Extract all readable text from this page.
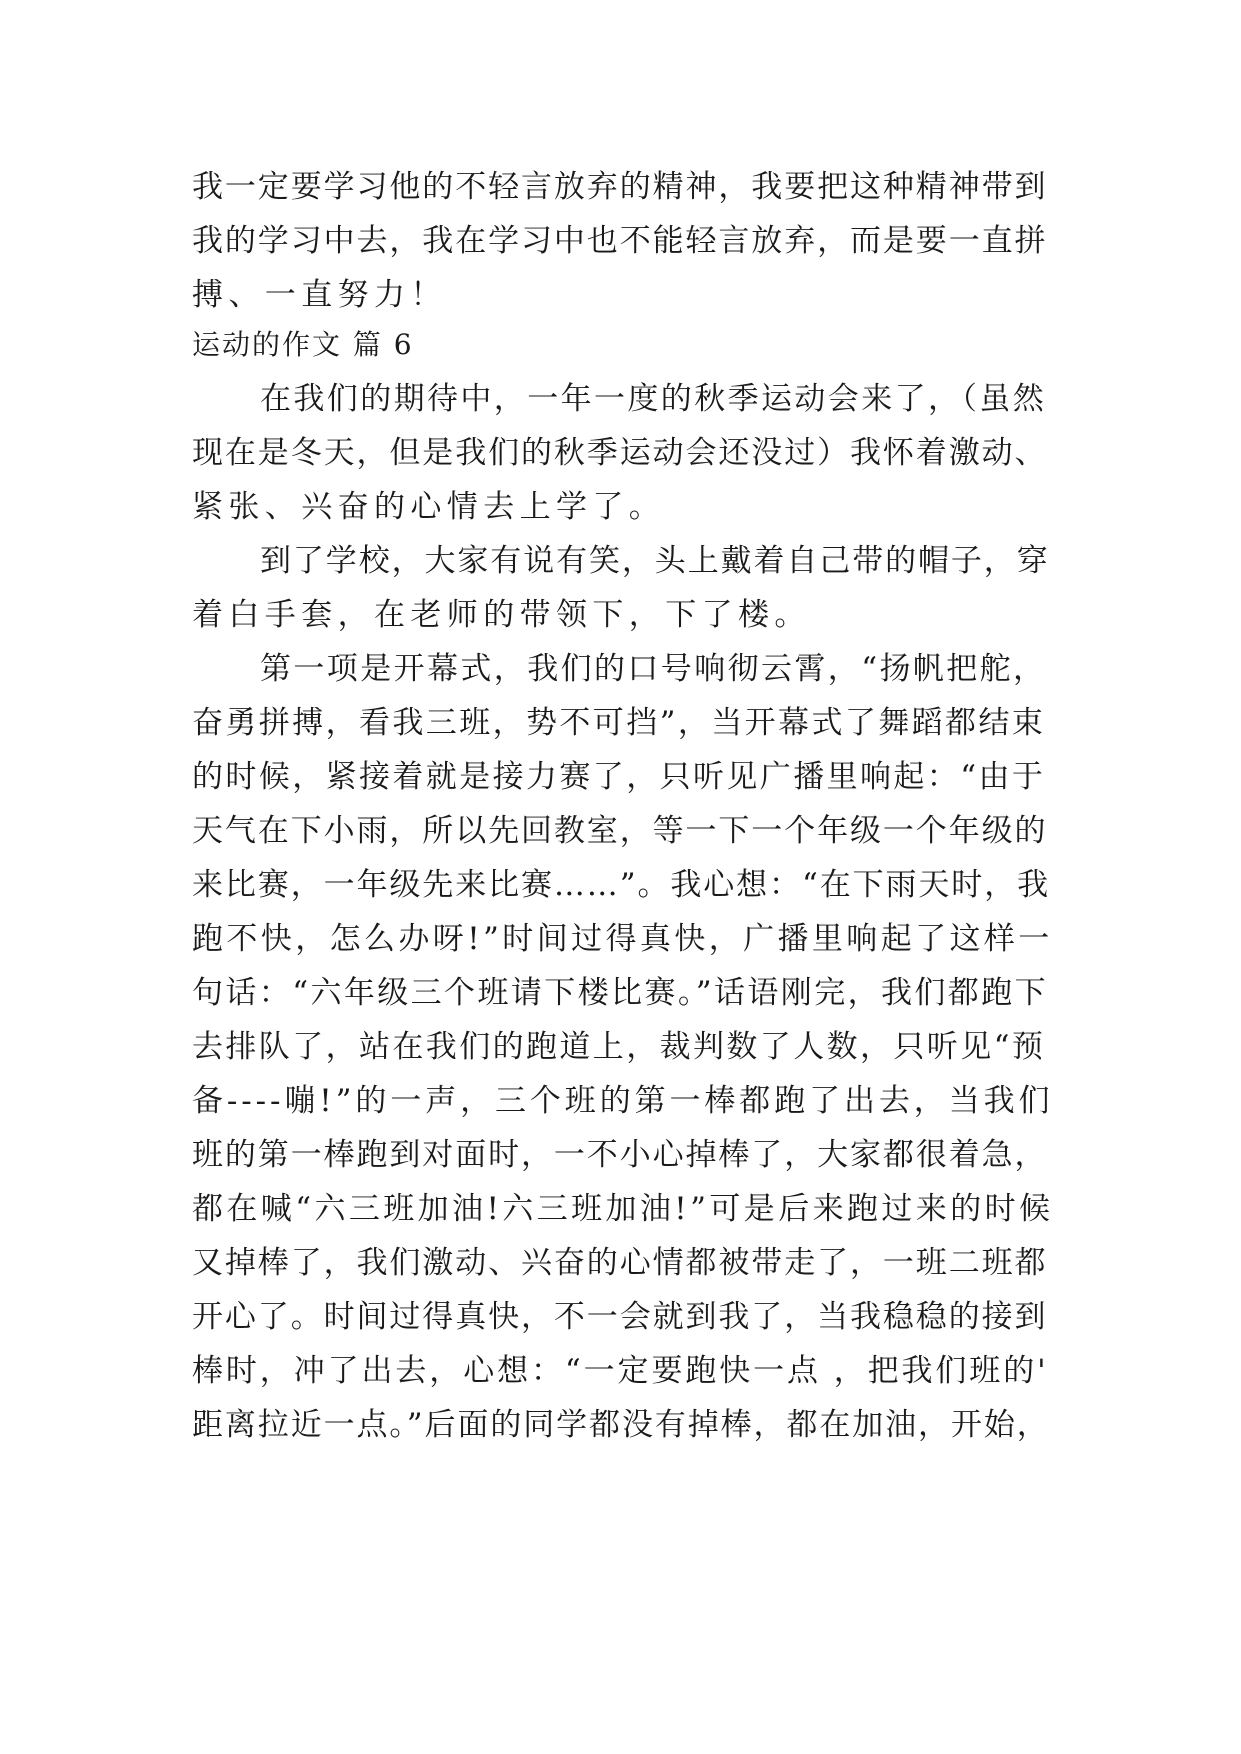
我一定要学习他的不轻言放弃的精神，我要把这种精神带到
我的学习中去，我在学习中也不能轻言放弃，而是要一直拼
搏、一直努力！
运动的作文 篇 6
在我们的期待中，一年一度的秋季运动会来了，（虽然
现在是冬天，但是我们的秋季运动会还没过）我怀着激动、
紧张、兴奋的心情去上学了。
到了学校，大家有说有笑，头上戴着自己带的帽子，穿
着白手套，在老师的带领下，下了楼。
第一项是开幕式，我们的口号响彻云霄，“扬帆把舵，
奋勇拼搏，看我三班，势不可挡”，当开幕式了舞蹈都结束
的时候，紧接着就是接力赛了，只听见广播里响起：“由于
天气在下小雨，所以先回教室，等一下一个年级一个年级的
来比赛，一年级先来比赛……”。我心想：“在下雨天时，我
跑不快，怎么办呀!”时间过得真快，广播里响起了这样一
句话：“六年级三个班请下楼比赛。”话语刚完，我们都跑下
去排队了，站在我们的跑道上，裁判数了人数，只听见“预
备----嘣!”的一声，三个班的第一棒都跑了出去，当我们
班的第一棒跑到对面时，一不小心掉棒了，大家都很着急，
都在喊“六三班加油!六三班加油!”可是后来跑过来的时候
又掉棒了，我们激动、兴奋的心情都被带走了，一班二班都
开心了。时间过得真快，不一会就到我了，当我稳稳的接到
棒时，冲了出去，心想：“一定要跑快一点 ，把我们班的'
距离拉近一点。”后面的同学都没有掉棒，都在加油，开始，
